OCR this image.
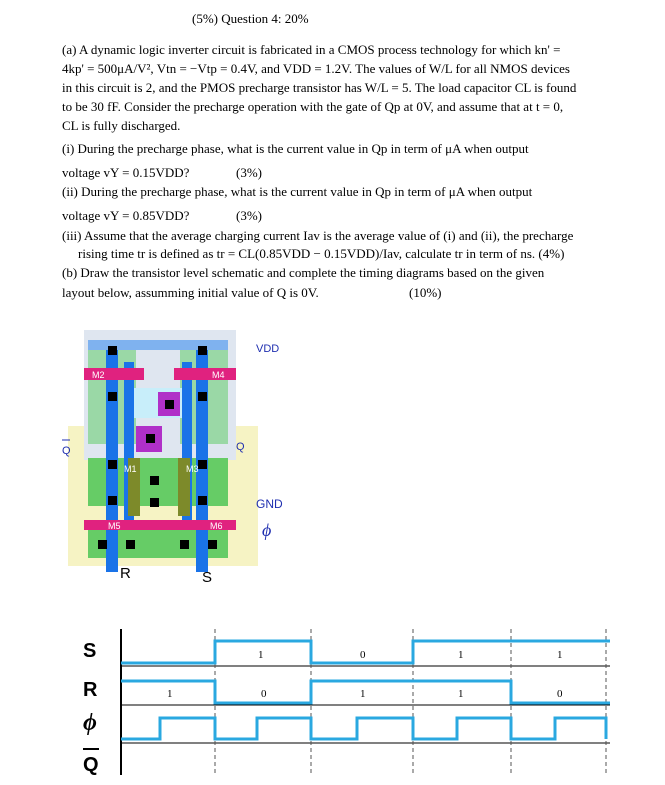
(5%) Question 4: 20%
(a) A dynamic logic inverter circuit is fabricated in a CMOS process technology for which kn' =
4kp' = 500μA/V², Vtn = −Vtp = 0.4V, and VDD = 1.2V. The values of W/L for all NMOS devices
in this circuit is 2, and the PMOS precharge transistor has W/L = 5. The load capacitor CL is found
to be 30 fF. Consider the precharge operation with the gate of Qp at 0V, and assume that at t = 0,
CL is fully discharged.
(i) During the precharge phase, what is the current value in Qp in term of μA when output
voltage vY = 0.15VDD?	(3%)
(ii) During the precharge phase, what is the current value in Qp in term of μA when output
voltage vY = 0.85VDD?	(3%)
(iii) Assume that the average charging current Iav is the average value of (i) and (ii), the precharge
rising time tr is defined as tr = CL(0.85VDD − 0.15VDD)/Iav, calculate tr in term of ns. (4%)
(b) Draw the transistor level schematic and complete the timing diagrams based on the given
layout below, assumming initial value of Q is 0V.	(10%)
M2	M4
M1	M3
M5	M6
VDD
Q
Q
GND
ϕ
R	S
S
R
ϕ
Q
1	0	1	1
1	0	1	1	0
